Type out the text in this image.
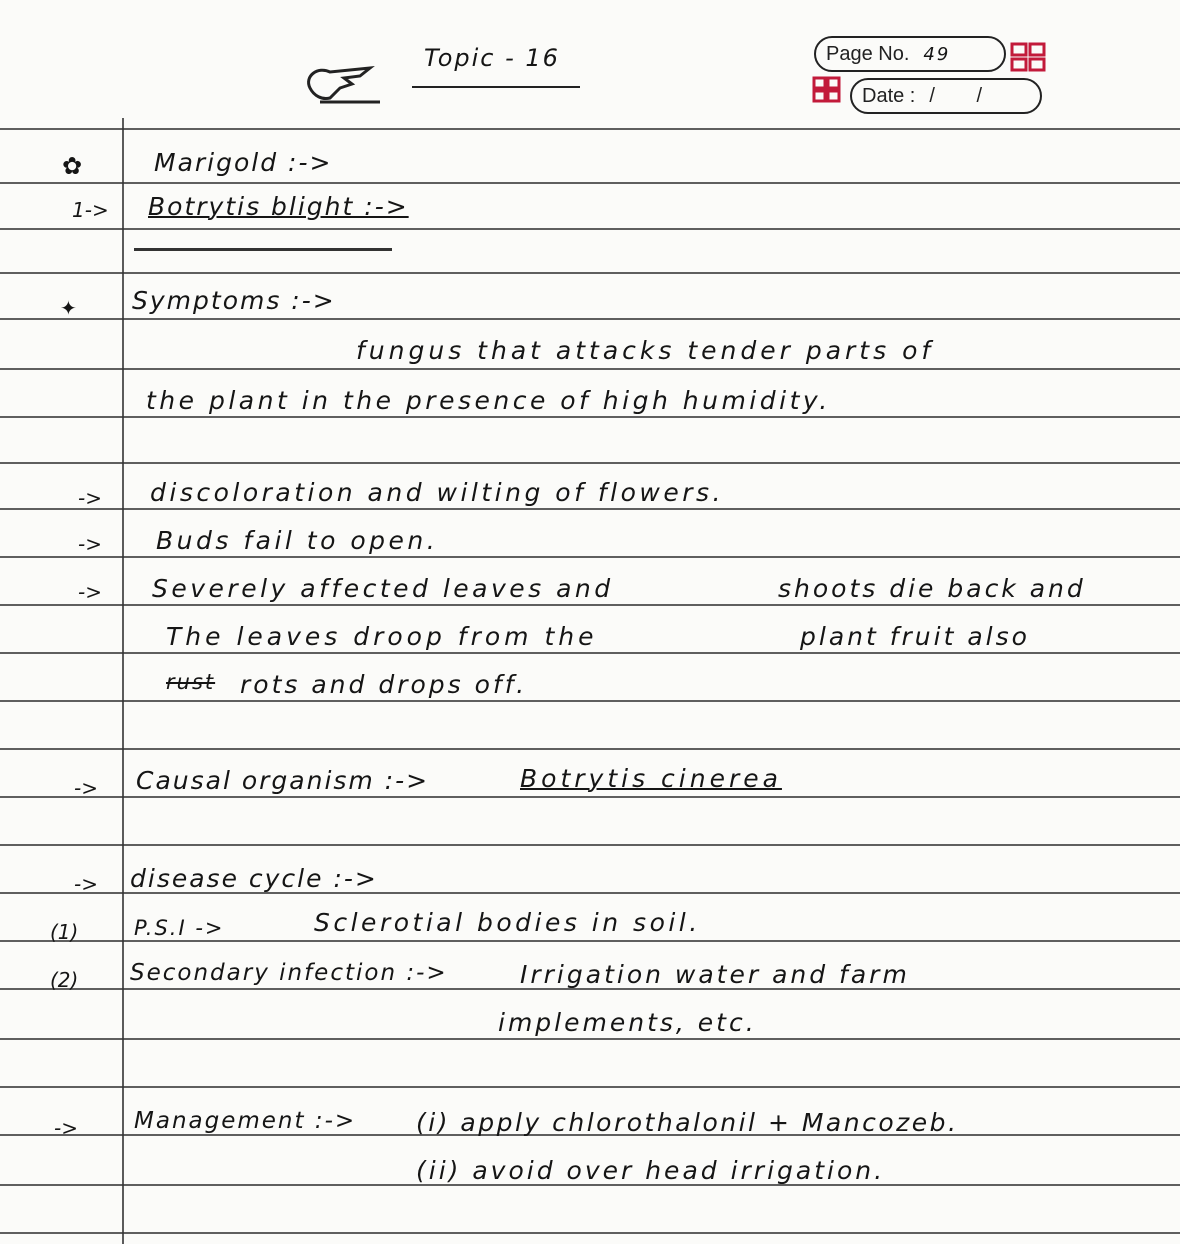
Topic - 16	Page No. 49
Date : / /
✿	Marigold :->
1-> Botrytis blight :->
✦ Symptoms :->
fungus that attacks tender parts of
the plant in the presence of high humidity.
-> discoloration and wilting of flowers.
-> Buds fail to open.
-> Severely affected leaves and	shoots die back and
The leaves droop from the	plant fruit also
rust rots and drops off.
-> Causal organism :->	Botrytis cinerea
-> disease cycle :->
(1)	P.S.I ->	Sclerotial bodies in soil.
(2) Secondary infection :->	Irrigation water and farm
implements, etc.
-> Management :-> (i) apply chlorothalonil + Mancozeb.
(ii) avoid over head irrigation.
